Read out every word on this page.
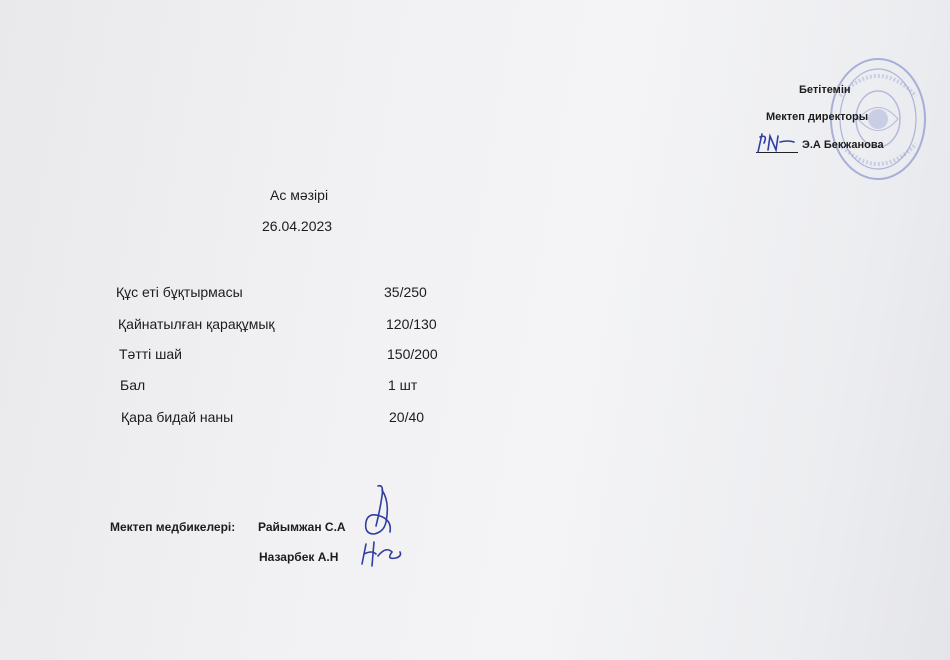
Бетітемін
Мектеп директоры
Э.А Бекжанова
Ас мәзірі
26.04.2023
Құс еті бұқтырмасы	35/250
Қайнатылған қарақұмық	120/130
Тәтті шай	150/200
Бал	1 шт
Қара бидай наны	20/40
Мектеп медбикелері: Райымжан С.А
Назарбек А.Н
